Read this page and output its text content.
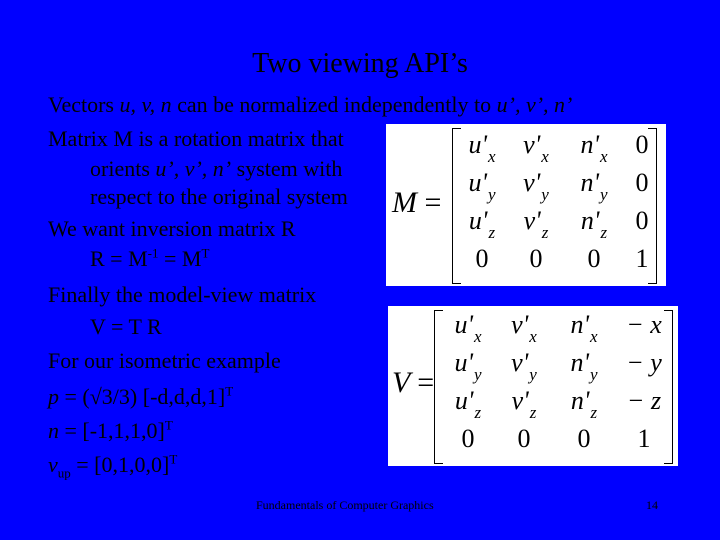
Two viewing API’s
Vectors u, v, n can be normalized independently to u’, v’, n’
Matrix M is a rotation matrix that
orients u’, v’, n’ system with
respect to the original system
We want inversion matrix R
$R = M^{-1} = M^T$
Finally the model-view matrix
V = T R
For our isometric example
p = (√3/3) $[-d,d,d,1]^T$
$n = [-1,1,1,0]^T$
$v_{up} = [0,1,0,0]^T$
M =
$u'_x$	$v'_x$	$n'_x$	0
$u'_y$	$v'_y$	$n'_y$	0
$u'_z$	$v'_z$	$n'_z$	0
0	0	0	1
V =
$u'_x$	$v'_x$	$n'_x$	− x
$u'_y$	$v'_y$	$n'_y$	− y
$u'_z$	$v'_z$	$n'_z$	− z
0	0	0	1
Fundamentals of Computer Graphics	14
